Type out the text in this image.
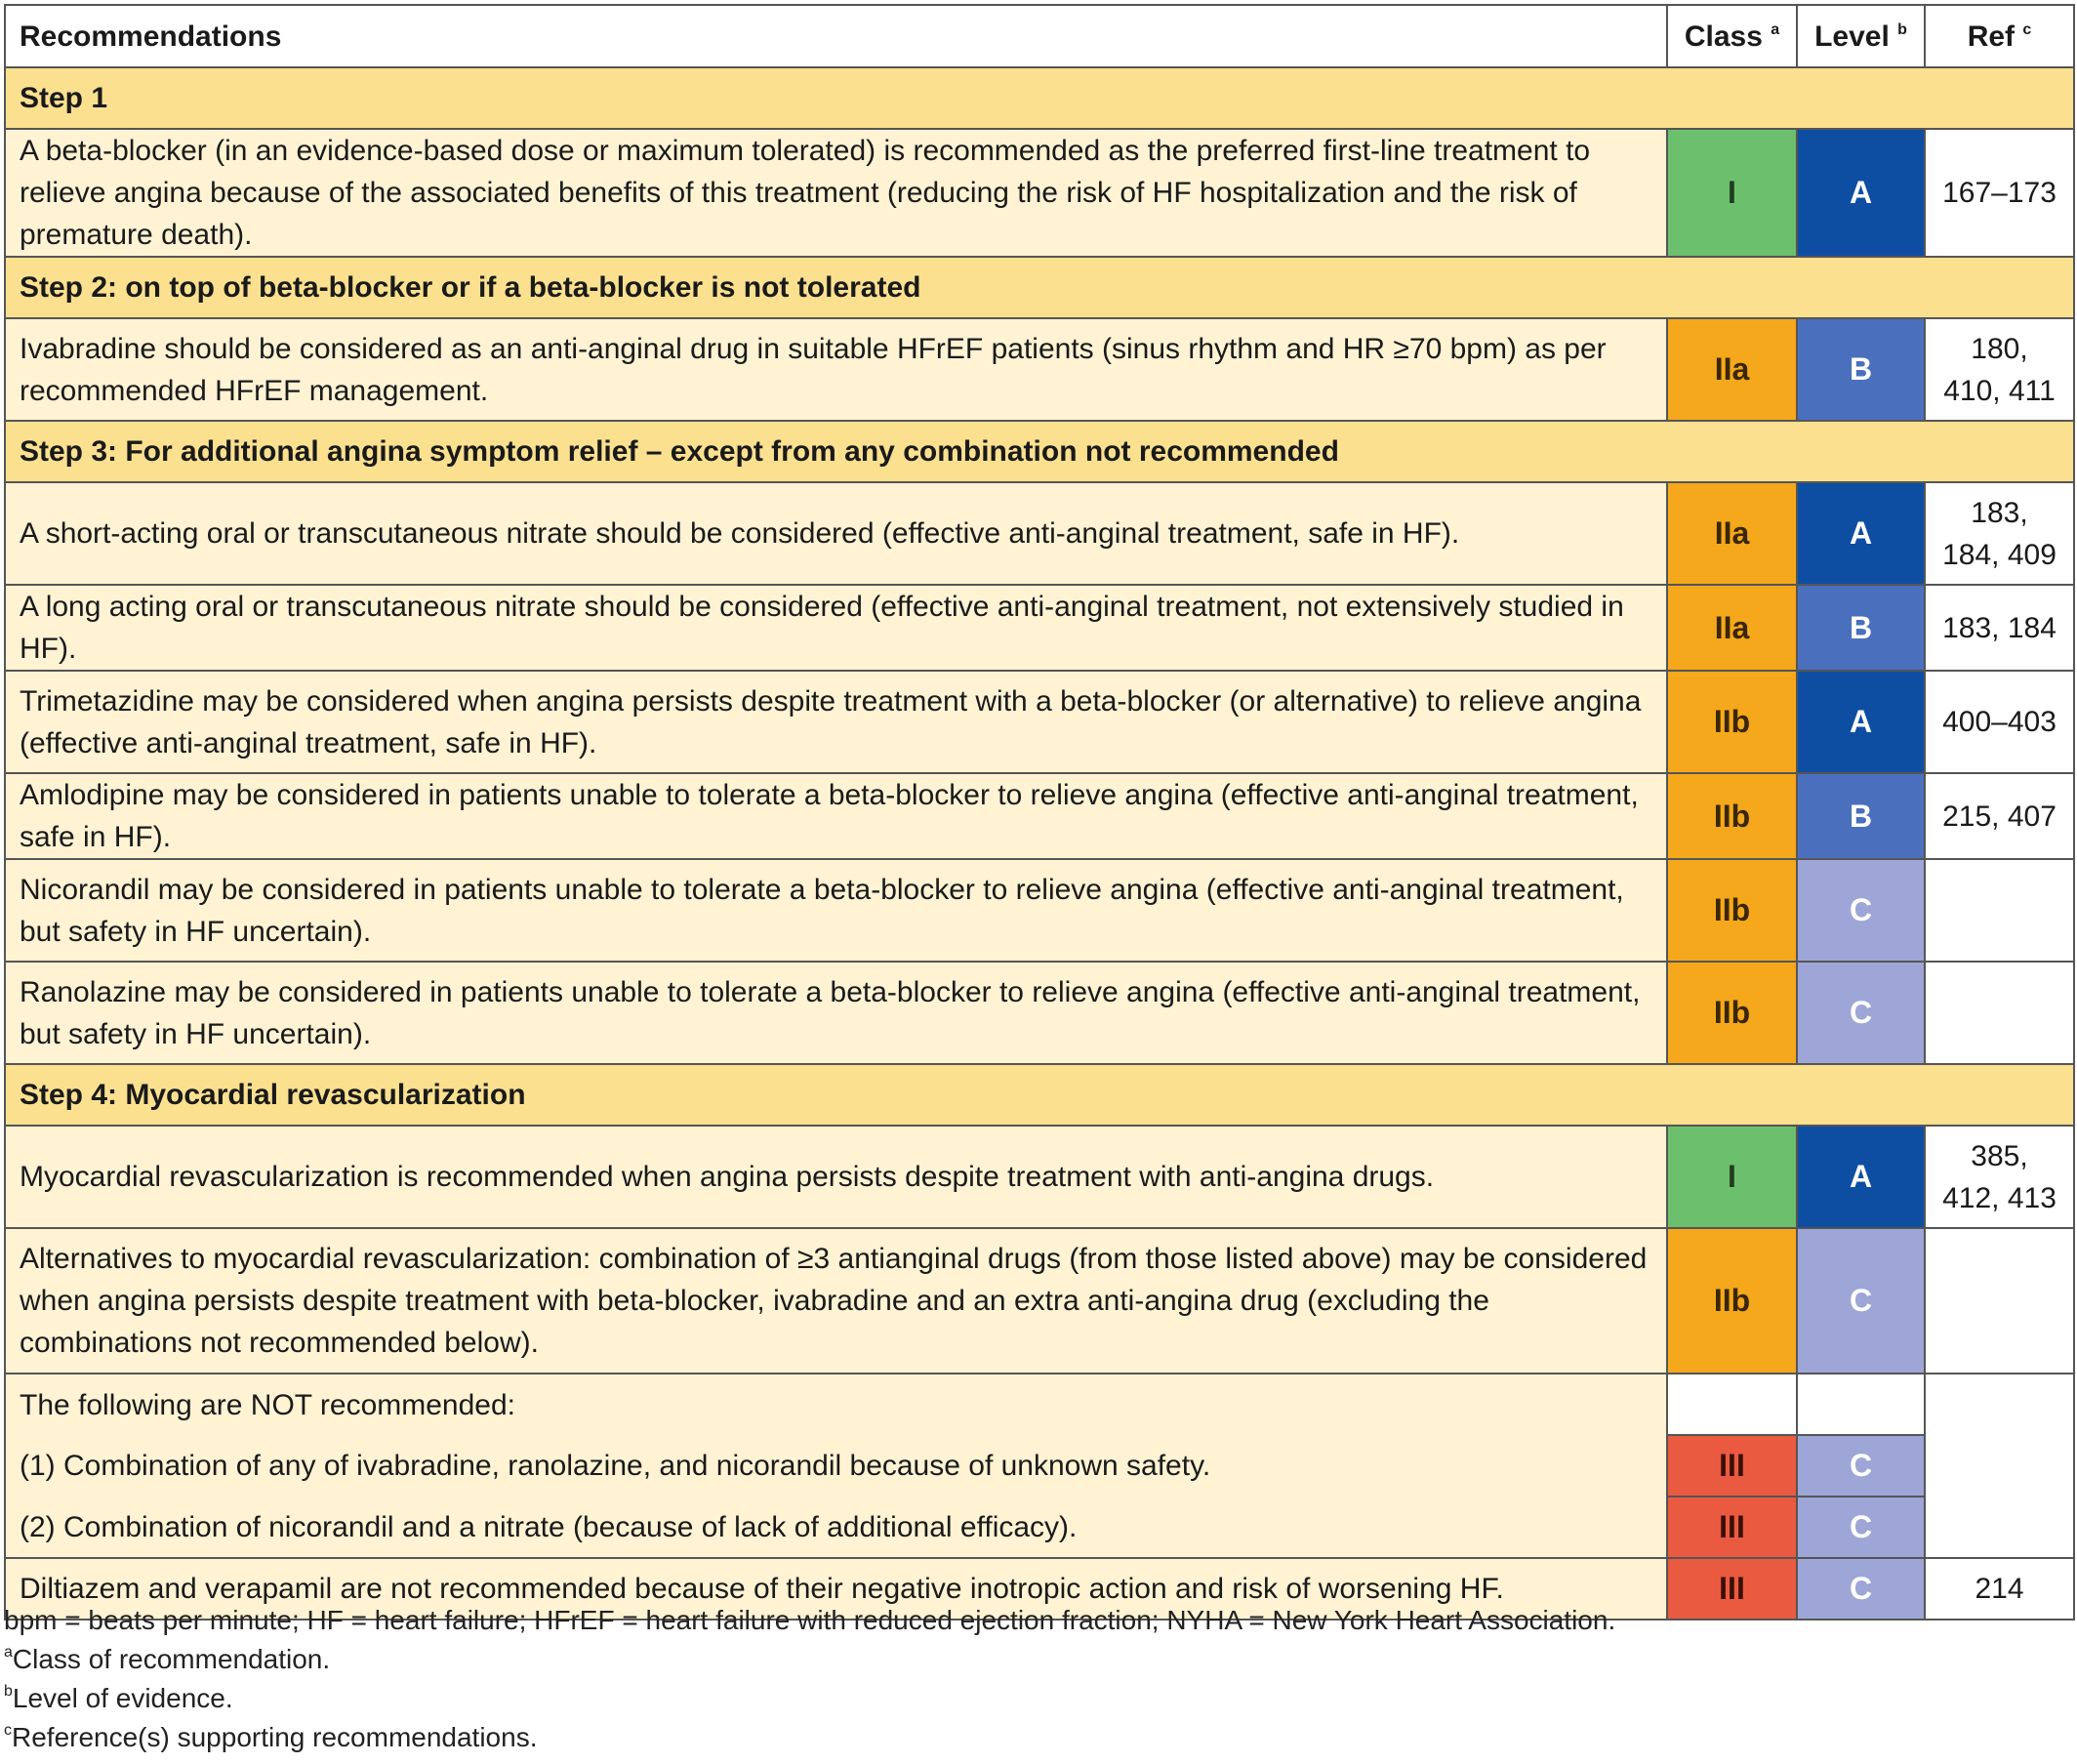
Recommendations	Class $^a$	Level $^b$	Ref $^c$
Step 1			
A beta-blocker (in an evidence-based dose or maximum tolerated) is recommended as the preferred first-line treatment to relieve angina because of the associated benefits of this treatment (reducing the risk of HF hospitalization and the risk of premature death).	I	A	167–173
Step 2: on top of beta-blocker or if a beta-blocker is not tolerated			
Ivabradine should be considered as an anti-anginal drug in suitable HFrEF patients (sinus rhythm and HR ≥70 bpm) as per recommended HFrEF management.	IIa	B	180, 410, 411
Step 3: For additional angina symptom relief – except from any combination not recommended			
A short-acting oral or transcutaneous nitrate should be considered (effective anti-anginal treatment, safe in HF).	IIa	A	183, 184, 409
A long acting oral or transcutaneous nitrate should be considered (effective anti-anginal treatment, not extensively studied in HF).	IIa	B	183, 184
Trimetazidine may be considered when angina persists despite treatment with a beta-blocker (or alternative) to relieve angina (effective anti-anginal treatment, safe in HF).	IIb	A	400–403
Amlodipine may be considered in patients unable to tolerate a beta-blocker to relieve angina (effective anti-anginal treatment, safe in HF).	IIb	B	215, 407
Nicorandil may be considered in patients unable to tolerate a beta-blocker to relieve angina (effective anti-anginal treatment, but safety in HF uncertain).	IIb	C	
Ranolazine may be considered in patients unable to tolerate a beta-blocker to relieve angina (effective anti-anginal treatment, but safety in HF uncertain).	IIb	C	
Step 4: Myocardial revascularization			
Myocardial revascularization is recommended when angina persists despite treatment with anti-angina drugs.	I	A	385, 412, 413
Alternatives to myocardial revascularization: combination of ≥3 antianginal drugs (from those listed above) may be considered when angina persists despite treatment with beta-blocker, ivabradine and an extra anti-angina drug (excluding the combinations not recommended below).	IIb	C	
The following are NOT recommended:			
(1) Combination of any of ivabradine, ranolazine, and nicorandil because of unknown safety.	III	C	
(2) Combination of nicorandil and a nitrate (because of lack of additional efficacy).	III	C	
Diltiazem and verapamil are not recommended because of their negative inotropic action and risk of worsening HF.	III	C	214
bpm = beats per minute; HF = heart failure; HFrEF = heart failure with reduced ejection fraction; NYHA = New York Heart Association.
$^a$Class of recommendation.
$^b$Level of evidence.
$^c$Reference(s) supporting recommendations.
